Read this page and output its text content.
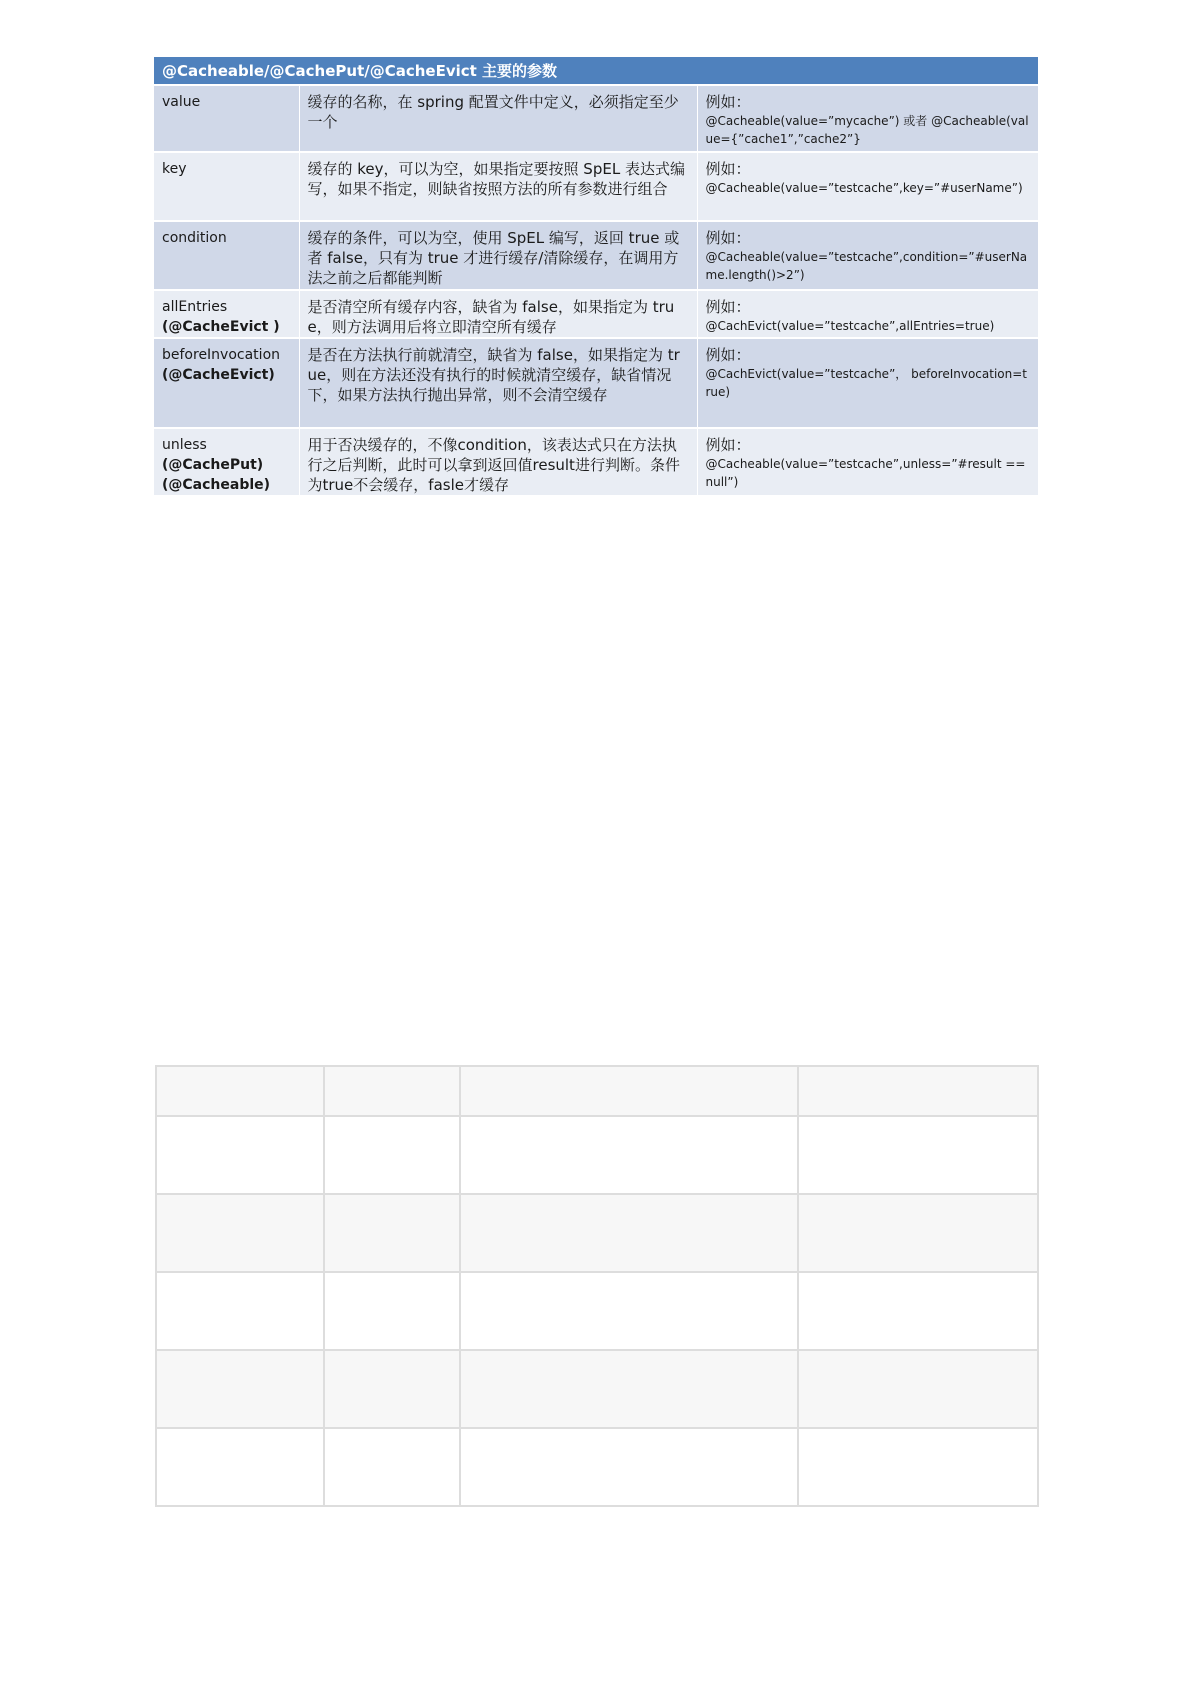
@Cacheable/@CachePut/@CacheEvict 主要的参数		

value	缓存的名称，在 spring 配置文件中定义，必须指定至少一个	例如：
@Cacheable(value=”mycache”) 或者 @Cacheable(value={”cache1”,”cache2”}

key	缓存的 key，可以为空，如果指定要按照 SpEL 表达式编写，如果不指定，则缺省按照方法的所有参数进行组合	例如：
@Cacheable(value=”testcache”,key=”#userName”)

condition	缓存的条件，可以为空，使用 SpEL 编写，返回 true 或者 false，只有为 true 才进行缓存/清除缓存，在调用方法之前之后都能判断	例如：
@Cacheable(value=”testcache”,condition=”#userName.length()>2”)

allEntries
(@CacheEvict )	是否清空所有缓存内容，缺省为 false，如果指定为 true，则方法调用后将立即清空所有缓存	例如：
@CachEvict(value=”testcache”,allEntries=true)

beforeInvocation
(@CacheEvict)	是否在方法执行前就清空，缺省为 false，如果指定为 true，则在方法还没有执行的时候就清空缓存，缺省情况下，如果方法执行抛出异常，则不会清空缓存	例如：
@CachEvict(value=”testcache”， beforeInvocation=true)

unless
(@CachePut)
(@Cacheable)	用于否决缓存的，不像condition，该表达式只在方法执行之后判断，此时可以拿到返回值result进行判断。条件为true不会缓存，fasle才缓存	例如：
@Cacheable(value=”testcache”,unless=”#result == null”)
